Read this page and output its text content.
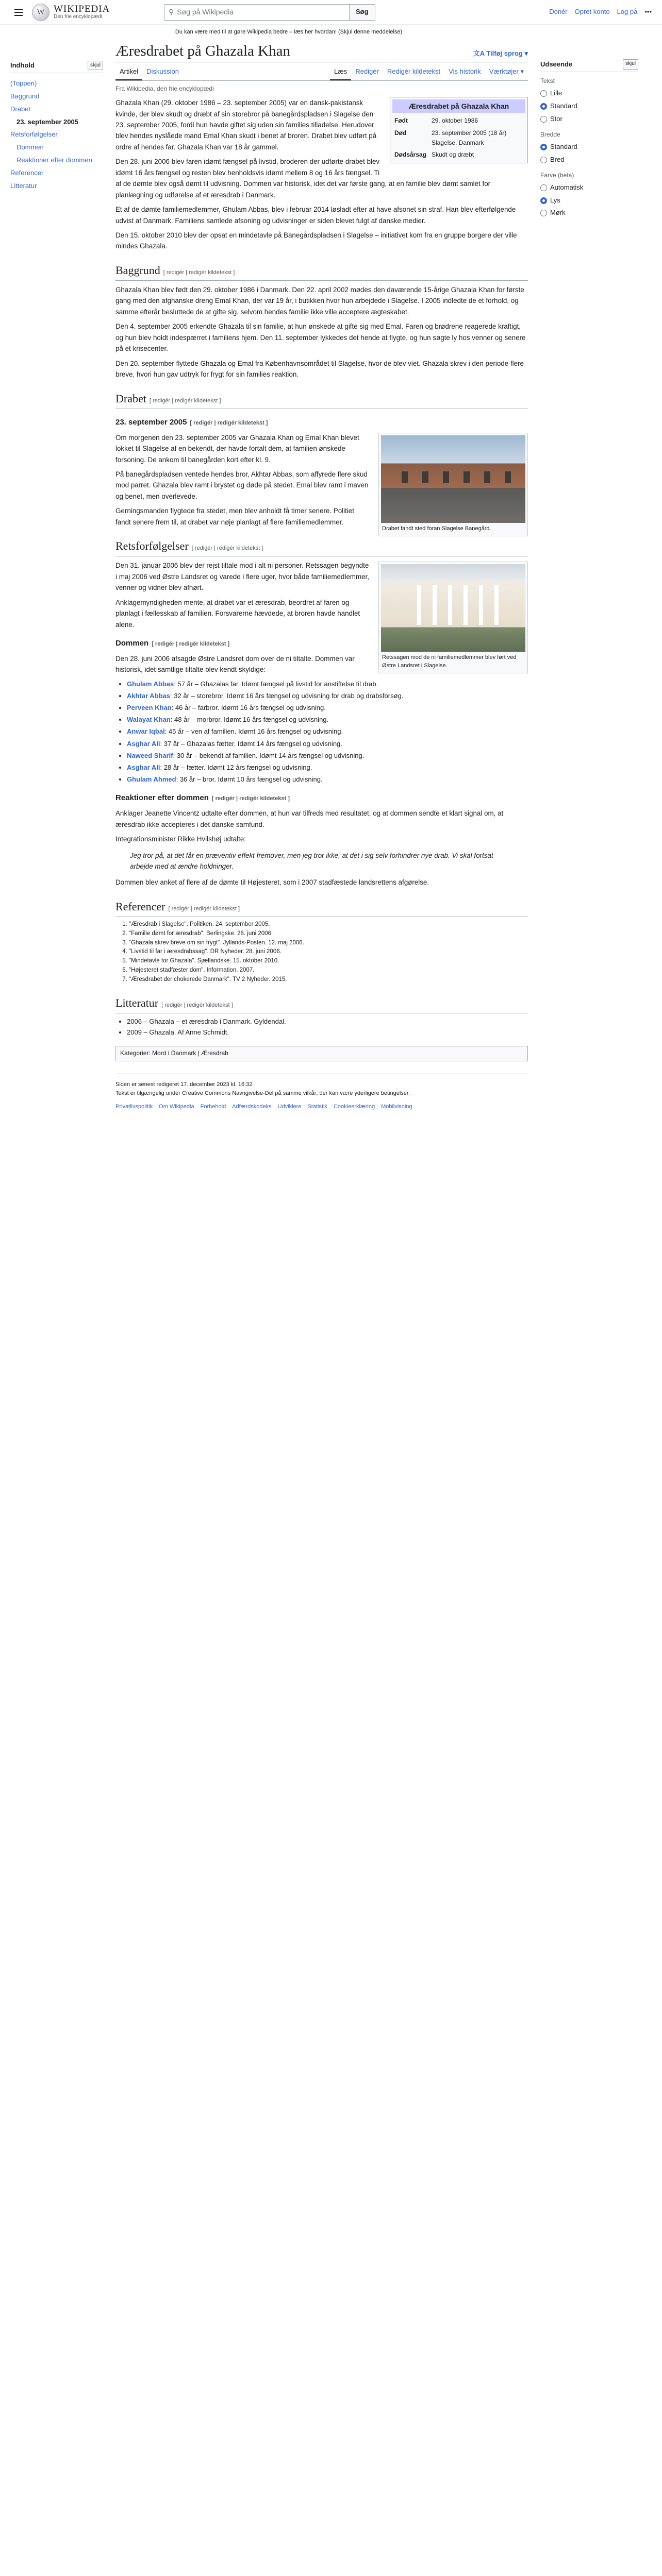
W WIKIPEDIA
Den frie encyklopædi
⚲ Søg på Wikipedia	Søg	Donér Opret konto Log på •••
Du kan være med til at gøre Wikipedia bedre – læs her hvordan! (Skjul denne meddelelse)
Indhold	skjul
(Toppen)
Baggrund
Drabet
23. september 2005
Retsforfølgelser
Dommen
Reaktioner efter dommen
Referencer
Litteratur
Æresdrabet på Ghazala Khan	文A Tilføj sprog ▾
Artikel	Diskussion	Læs	Redigér	Redigér kildetekst	Vis historik	Værktøjer ▾
Fra Wikipedia, den frie encyklopædi
Æresdrabet på Ghazala Khan
Født	29. oktober 1986
Død	23. september 2005 (18 år) Slagelse, Danmark
Dødsårsag	Skudt og dræbt

Ghazala Khan (29. oktober 1986 – 23. september 2005) var en dansk-pakistansk kvinde, der blev skudt og dræbt af sin storebror på banegårdspladsen i Slagelse den 23. september 2005, fordi hun havde giftet sig uden sin families tilladelse. Herudover blev hendes nyslåede mand Emal Khan skudt i benet af broren. Drabet blev udført på ordre af hendes far. Ghazala Khan var 18 år gammel.

Den 28. juni 2006 blev faren idømt fængsel på livstid, broderen der udførte drabet blev idømt 16 års fængsel og resten blev henholdsvis idømt mellem 8 og 16 års fængsel. Ti af de dømte blev også dømt til udvisning. Dommen var historisk, idet det var første gang, at en familie blev dømt samlet for planlægning og udførelse af et æresdrab i Danmark.

Et af de dømte familiemedlemmer, Ghulam Abbas, blev i februar 2014 løsladt efter at have afsonet sin straf. Han blev efterfølgende udvist af Danmark. Familiens samlede afsoning og udvisninger er siden blevet fulgt af danske medier.

Den 15. oktober 2010 blev der opsat en mindetavle på Banegårdspladsen i Slagelse – initiativet kom fra en gruppe borgere der ville mindes Ghazala.

Baggrund [ redigér | redigér kildetekst ]

Ghazala Khan blev født den 29. oktober 1986 i Danmark. Den 22. april 2002 mødes den daværende 15-årige Ghazala Khan for første gang med den afghanske dreng Emal Khan, der var 19 år, i butikken hvor hun arbejdede i Slagelse. I 2005 indledte de et forhold, og samme efterår besluttede de at gifte sig, selvom hendes familie ikke ville acceptere ægteskabet.

Den 4. september 2005 erkendte Ghazala til sin familie, at hun ønskede at gifte sig med Emal. Faren og brødrene reagerede kraftigt, og hun blev holdt indespærret i familiens hjem. Den 11. september lykkedes det hende at flygte, og hun søgte ly hos venner og senere på et krisecenter.

Den 20. september flyttede Ghazala og Emal fra Københavnsområdet til Slagelse, hvor de blev viet. Ghazala skrev i den periode flere breve, hvori hun gav udtryk for frygt for sin families reaktion.

Drabet [ redigér | redigér kildetekst ]
23. september 2005 [ redigér | redigér kildetekst ]
Drabet fandt sted foran Slagelse Banegård.

Om morgenen den 23. september 2005 var Ghazala Khan og Emal Khan blevet lokket til Slagelse af en bekendt, der havde fortalt dem, at familien ønskede forsoning. De ankom til banegården kort efter kl. 9.

På banegårdspladsen ventede hendes bror, Akhtar Abbas, som affyrede flere skud mod parret. Ghazala blev ramt i brystet og døde på stedet. Emal blev ramt i maven og benet, men overlevede.

Gerningsmanden flygtede fra stedet, men blev anholdt få timer senere. Politiet fandt senere frem til, at drabet var nøje planlagt af flere familiemedlemmer.

Retsforfølgelser [ redigér | redigér kildetekst ]
Retssagen mod de ni familiemedlemmer blev ført ved Østre Landsret i Slagelse.

Den 31. januar 2006 blev der rejst tiltale mod i alt ni personer. Retssagen begyndte i maj 2006 ved Østre Landsret og varede i flere uger, hvor både familiemedlemmer, venner og vidner blev afhørt.

Anklagemyndigheden mente, at drabet var et æresdrab, beordret af faren og planlagt i fællesskab af familien. Forsvarerne hævdede, at broren havde handlet alene.

Dommen [ redigér | redigér kildetekst ]

Den 28. juni 2006 afsagde Østre Landsret dom over de ni tiltalte. Dommen var historisk, idet samtlige tiltalte blev kendt skyldige:

• Ghulam Abbas: 57 år – Ghazalas far. Idømt fængsel på livstid for anstiftelse til drab.
• Akhtar Abbas: 32 år – storebror. Idømt 16 års fængsel og udvisning for drab og drabsforsøg.
• Perveen Khan: 46 år – farbror. Idømt 16 års fængsel og udvisning.
• Walayat Khan: 48 år – morbror. Idømt 16 års fængsel og udvisning.
• Anwar Iqbal: 45 år – ven af familien. Idømt 16 års fængsel og udvisning.
• Asghar Ali: 37 år – Ghazalas fætter. Idømt 14 års fængsel og udvisning.
• Naweed Sharif: 30 år – bekendt af familien. Idømt 14 års fængsel og udvisning.
• Asghar Ali: 28 år – fætter. Idømt 12 års fængsel og udvisning.
• Ghulam Ahmed: 36 år – bror. Idømt 10 års fængsel og udvisning.
Reaktioner efter dommen [ redigér | redigér kildetekst ]

Anklager Jeanette Vincentz udtalte efter dommen, at hun var tilfreds med resultatet, og at dommen sendte et klart signal om, at æresdrab ikke accepteres i det danske samfund.

Integrationsminister Rikke Hvilshøj udtalte:

Jeg tror på, at det får en præventiv effekt fremover, men jeg tror ikke, at det i sig selv forhindrer nye drab. Vi skal fortsat arbejde med at ændre holdninger.

Dommen blev anket af flere af de dømte til Højesteret, som i 2007 stadfæstede landsrettens afgørelse.

Referencer [ redigér | redigér kildetekst ]
1. "Æresdrab i Slagelse". Politiken. 24. september 2005.
2. "Familie dømt for æresdrab". Berlingske. 28. juni 2006.
3. "Ghazala skrev breve om sin frygt". Jyllands-Posten. 12. maj 2006.
4. "Livstid til far i æresdrabssag". DR Nyheder. 28. juni 2006.
5. "Mindetavle for Ghazala". Sjællandske. 15. oktober 2010.
6. "Højesteret stadfæster dom". Information. 2007.
7. "Æresdrabet der chokerede Danmark". TV 2 Nyheder. 2015.
Litteratur [ redigér | redigér kildetekst ]
• 2006 – Ghazala – et æresdrab i Danmark. Gyldendal.
• 2009 – Ghazala. Af Anne Schmidt.
Kategorier: Mord i Danmark | Æresdrab
Udseende	skjul
Tekst
Lille
Standard
Stor
Bredde
Standard
Bred
Farve (beta)
Automatisk
Lys
Mørk
Siden er senest redigeret 17. december 2023 kl. 16:32.
Tekst er tilgængelig under Creative Commons Navngivelse-Del på samme vilkår; der kan være yderligere betingelser.
Privatlivspolitik Om Wikipedia Forbehold Adfærdskodeks Udviklere Statistik Cookieerklæring Mobilvisning
